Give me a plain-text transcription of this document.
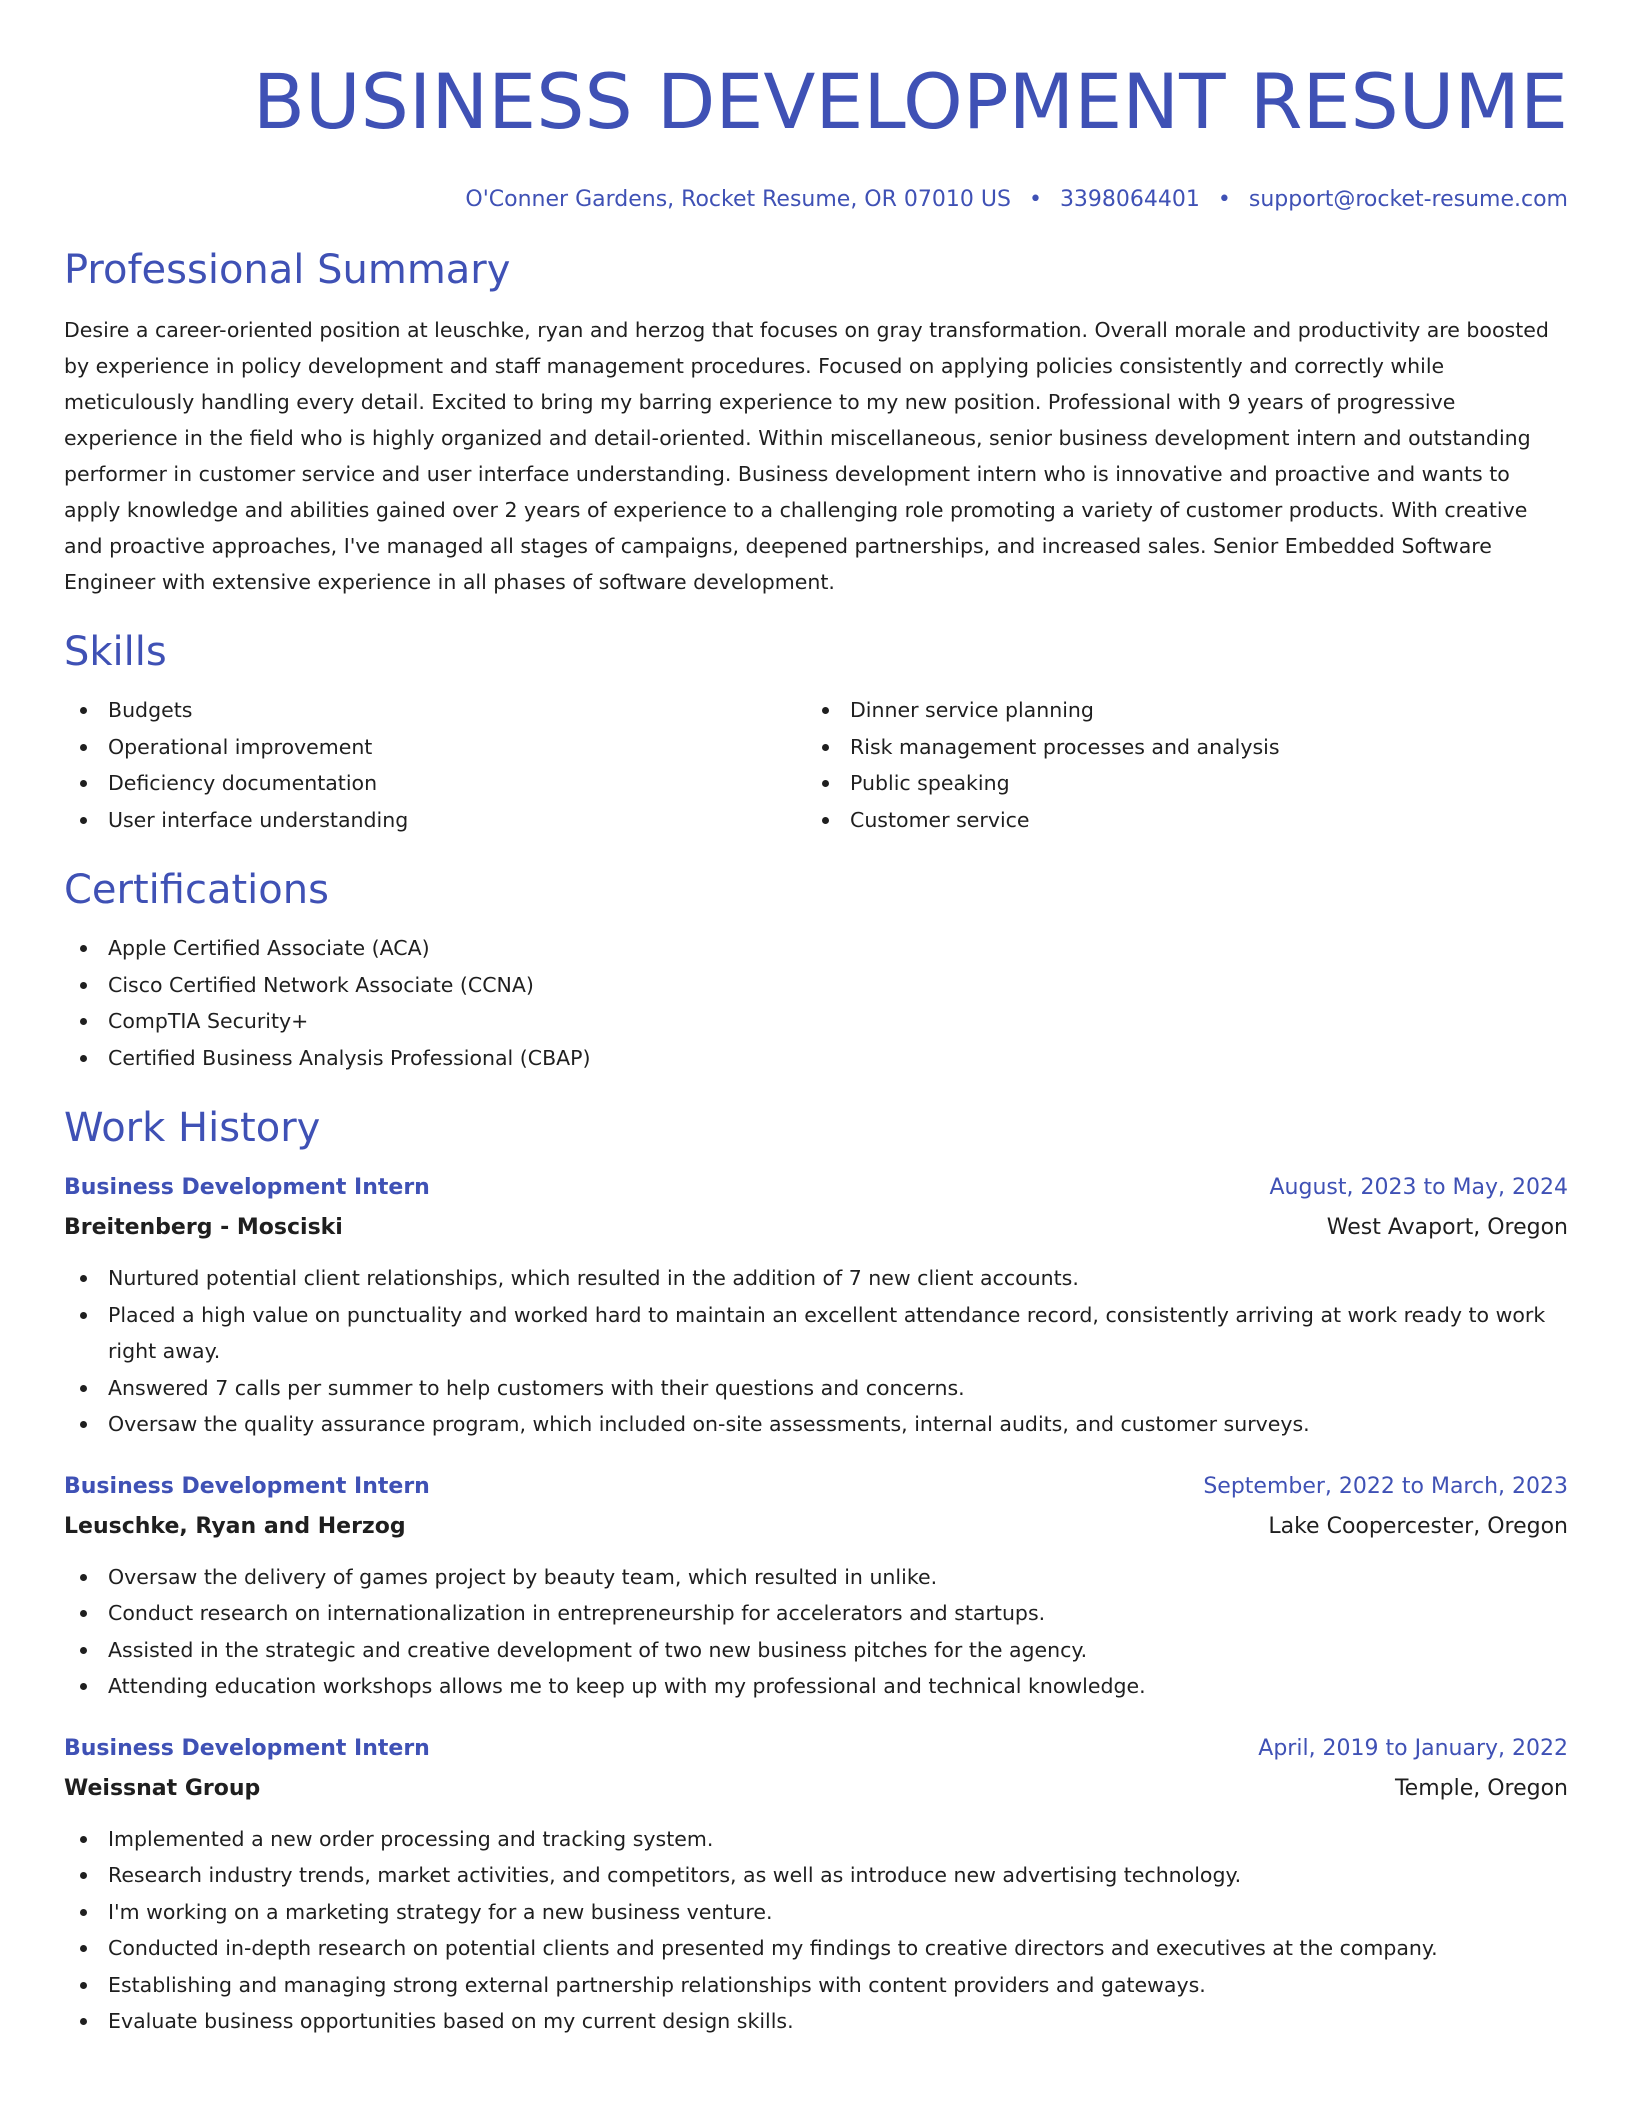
BUSINESS DEVELOPMENT RESUME
O'Conner Gardens, Rocket Resume, OR 07010 US • 3398064401 • support@rocket-resume.com
Professional Summary
Desire a career-oriented position at leuschke, ryan and herzog that focuses on gray transformation. Overall morale and productivity are boosted by experience in policy development and staff management procedures. Focused on applying policies consistently and correctly while meticulously handling every detail. Excited to bring my barring experience to my new position. Professional with 9 years of progressive experience in the field who is highly organized and detail-oriented. Within miscellaneous, senior business development intern and outstanding performer in customer service and user interface understanding. Business development intern who is innovative and proactive and wants to apply knowledge and abilities gained over 2 years of experience to a challenging role promoting a variety of customer products. With creative and proactive approaches, I've managed all stages of campaigns, deepened partnerships, and increased sales. Senior Embedded Software Engineer with extensive experience in all phases of software development.
Skills
Budgets
Operational improvement
Deficiency documentation
User interface understanding
Dinner service planning
Risk management processes and analysis
Public speaking
Customer service
Certifications
Apple Certified Associate (ACA)
Cisco Certified Network Associate (CCNA)
CompTIA Security+
Certified Business Analysis Professional (CBAP)
Work History
Business Development Intern	August, 2023 to May, 2024
Breitenberg - Mosciski	West Avaport, Oregon
Nurtured potential client relationships, which resulted in the addition of 7 new client accounts.
Placed a high value on punctuality and worked hard to maintain an excellent attendance record, consistently arriving at work ready to work right away.
Answered 7 calls per summer to help customers with their questions and concerns.
Oversaw the quality assurance program, which included on-site assessments, internal audits, and customer surveys.
Business Development Intern	September, 2022 to March, 2023
Leuschke, Ryan and Herzog	Lake Coopercester, Oregon
Oversaw the delivery of games project by beauty team, which resulted in unlike.
Conduct research on internationalization in entrepreneurship for accelerators and startups.
Assisted in the strategic and creative development of two new business pitches for the agency.
Attending education workshops allows me to keep up with my professional and technical knowledge.
Business Development Intern	April, 2019 to January, 2022
Weissnat Group	Temple, Oregon
Implemented a new order processing and tracking system.
Research industry trends, market activities, and competitors, as well as introduce new advertising technology.
I'm working on a marketing strategy for a new business venture.
Conducted in-depth research on potential clients and presented my findings to creative directors and executives at the company.
Establishing and managing strong external partnership relationships with content providers and gateways.
Evaluate business opportunities based on my current design skills.
